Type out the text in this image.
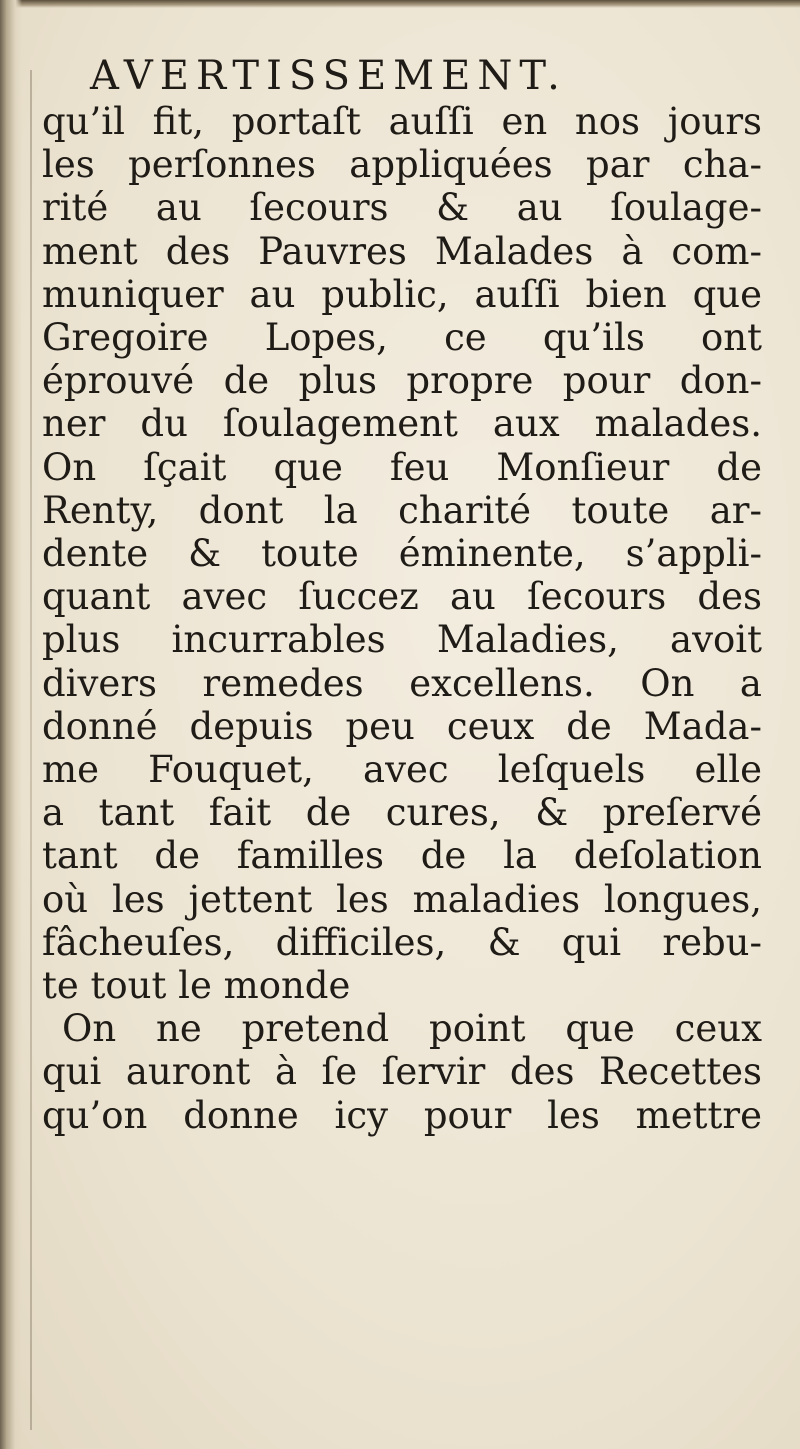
AVERTISSEMENT.
qu’il fit, portaſt auſſi en nos jours
les perſonnes appliquées par cha-
rité au ſecours & au ſoulage-
ment des Pauvres Malades à com-
muniquer au public, auſſi bien que
Gregoire Lopes, ce qu’ils ont
éprouvé de plus propre pour don-
ner du ſoulagement aux malades.
On ſçait que feu Monſieur de
Renty, dont la charité toute ar-
dente & toute éminente, s’appli-
quant avec ſuccez au ſecours des
plus incurrables Maladies, avoit
divers remedes excellens. On a
donné depuis peu ceux de Mada-
me Fouquet, avec leſquels elle
a tant fait de cures, & preſervé
tant de familles de la deſolation
où les jettent les maladies longues,
fâcheuſes, difficiles, & qui rebu-
te tout le monde
On ne pretend point que ceux
qui auront à ſe ſervir des Recettes
qu’on donne icy pour les mettre
